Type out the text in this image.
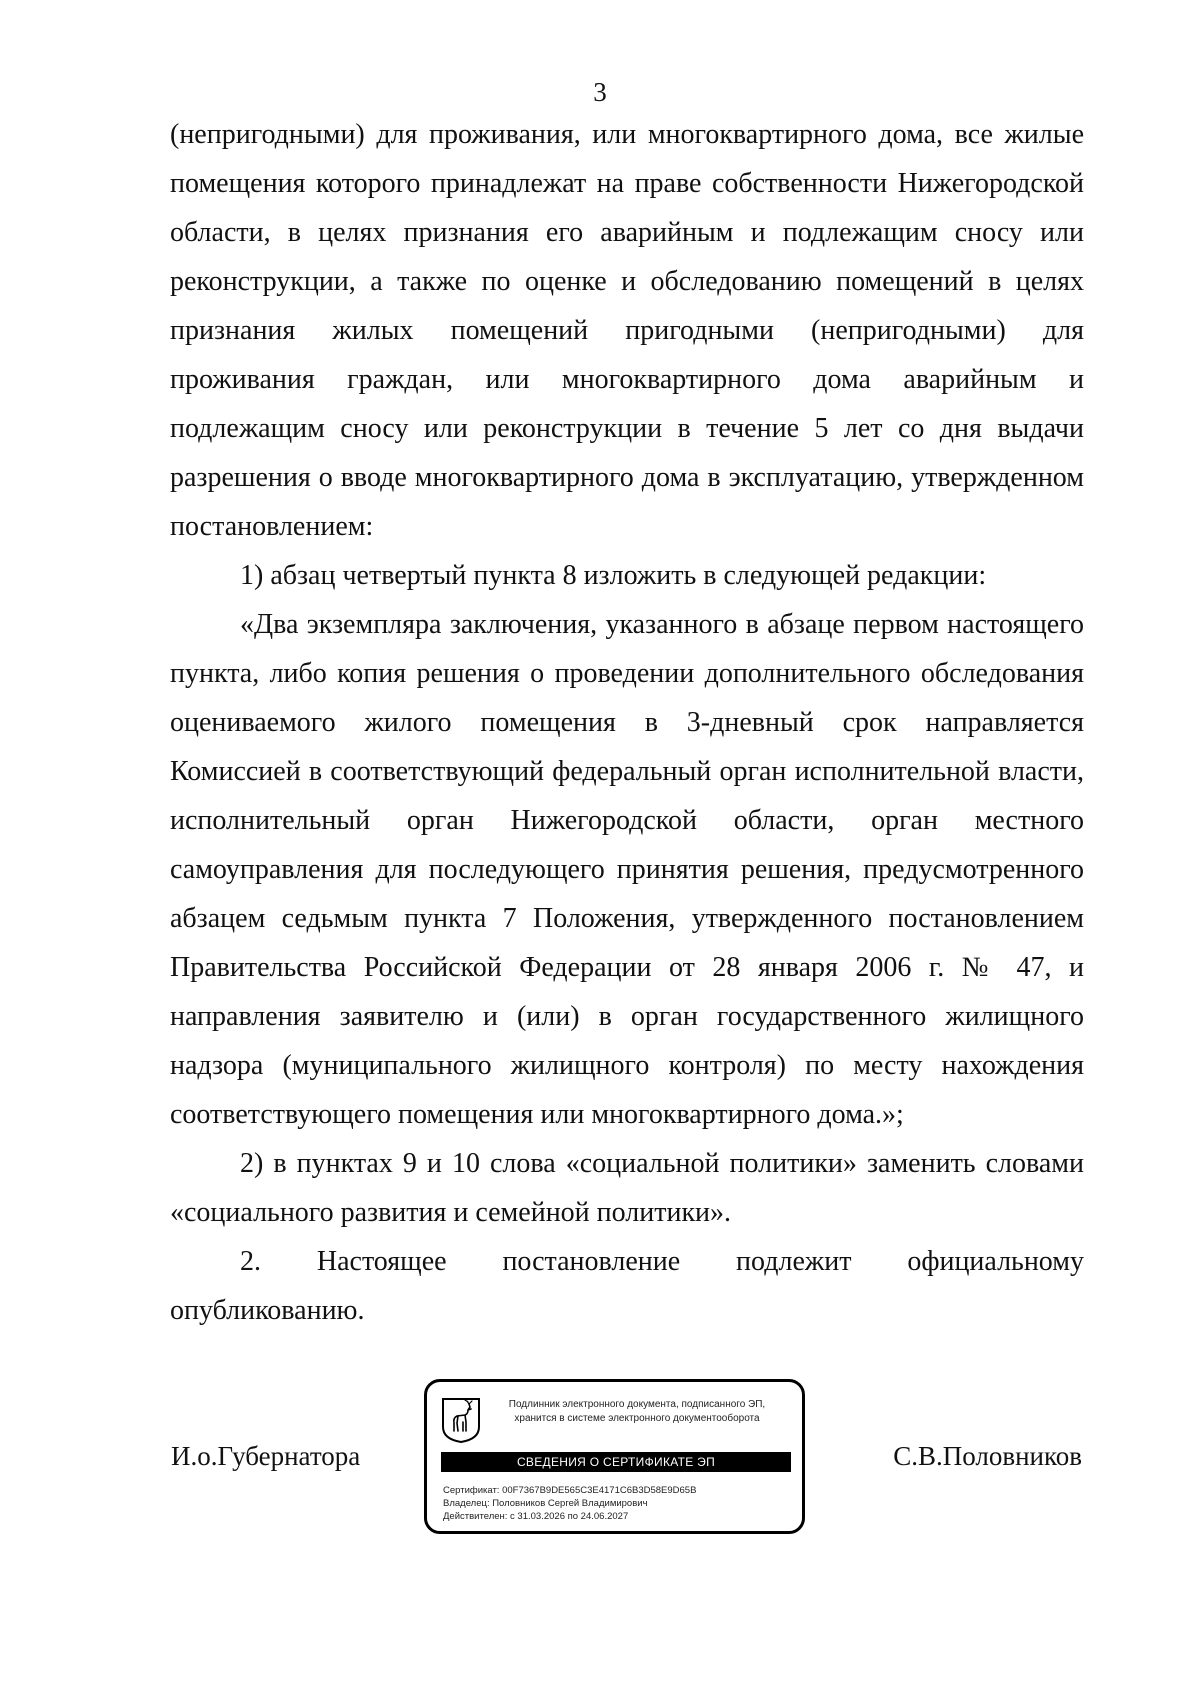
3

(непригодными) для проживания, или многоквартирного дома, все жилые помещения которого принадлежат на праве собственности Нижегородской области, в целях признания его аварийным и подлежащим сносу или реконструкции, а также по оценке и обследованию помещений в целях признания жилых помещений пригодными (непригодными) для проживания граждан, или многоквартирного дома аварийным и подлежащим сносу или реконструкции в течение 5 лет со дня выдачи разрешения о вводе многоквартирного дома в эксплуатацию, утвержденном постановлением:

1) абзац четвертый пункта 8 изложить в следующей редакции:

«Два экземпляра заключения, указанного в абзаце первом настоящего пункта, либо копия решения о проведении дополнительного обследования оцениваемого жилого помещения в 3-дневный срок направляется Комиссией в соответствующий федеральный орган исполнительной власти, исполнительный орган Нижегородской области, орган местного самоуправления для последующего принятия решения, предусмотренного абзацем седьмым пункта 7 Положения, утвержденного постановлением Правительства Российской Федерации от 28 января 2006 г. № 47, и направления заявителю и (или) в орган государственного жилищного надзора (муниципального жилищного контроля) по месту нахождения соответствующего помещения или многоквартирного дома.»;

2) в пунктах 9 и 10 слова «социальной политики» заменить словами «социального развития и семейной политики».

2. Настоящее постановление подлежит официальному опубликованию.

И.о.Губернатора
Подлинник электронного документа, подписанного ЭП,
хранится в системе электронного документооборота
СВЕДЕНИЯ О СЕРТИФИКАТЕ ЭП
Сертификат: 00F7367B9DE565C3E4171C6B3D58E9D65B
Владелец: Половников Сергей Владимирович
Действителен: с 31.03.2026 по 24.06.2027
С.В.Половников
